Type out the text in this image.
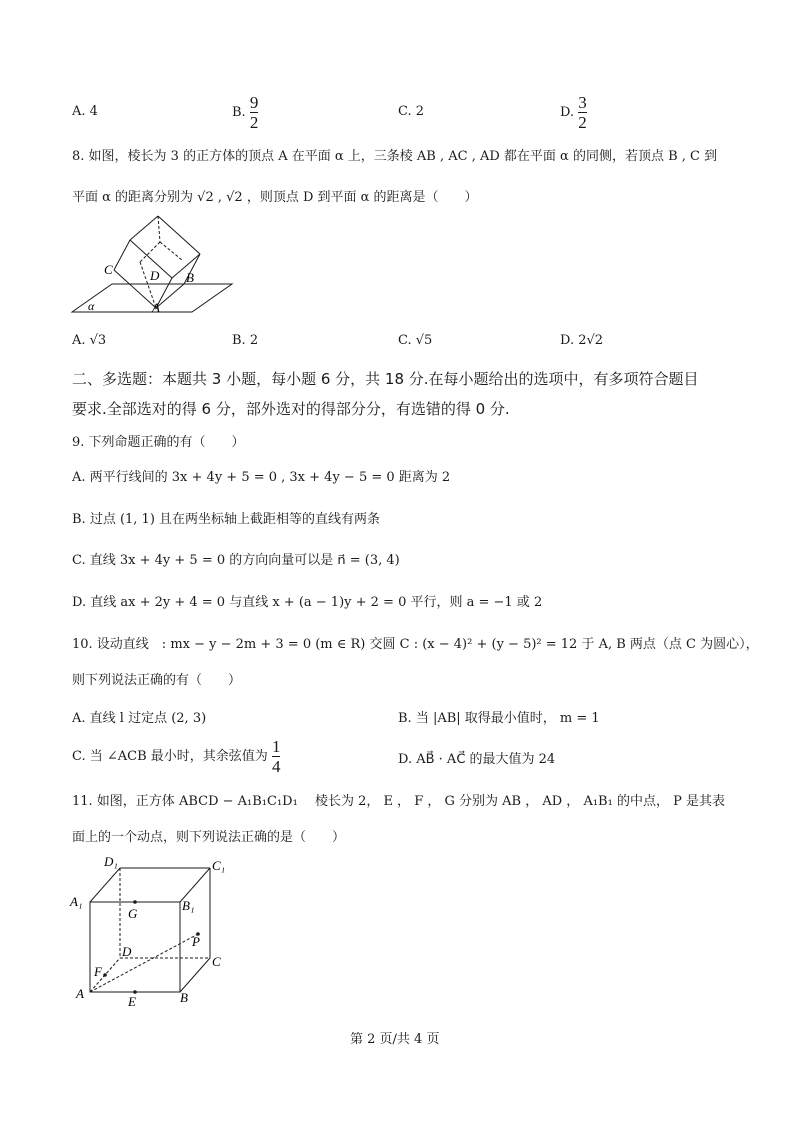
A. 4	B. $\frac{9}{2}$	C. 2	D. $\frac{3}{2}$
8. 如图，棱长为 3 的正方体的顶点 A 在平面 α 上，三条棱 AB , AC , AD 都在平面 α 的同侧，若顶点 B , C 到
平面 α 的距离分别为 √2 , √2 ，则顶点 D 到平面 α 的距离是（　　）
C	D B
A
α
A. √3	B. 2	C. √5	D. 2√2
二、多选题：本题共 3 小题，每小题 6 分，共 18 分.在每小题给出的选项中，有多项符合题目
要求.全部选对的得 6 分，部外选对的得部分分，有选错的得 0 分.
9. 下列命题正确的有（　　）
A. 两平行线间的 3x + 4y + 5 = 0 , 3x + 4y − 5 = 0 距离为 2
B. 过点 (1, 1) 且在两坐标轴上截距相等的直线有两条
C. 直线 3x + 4y + 5 = 0 的方向向量可以是 n⃗ = (3, 4)
D. 直线 ax + 2y + 4 = 0 与直线 x + (a − 1)y + 2 = 0 平行，则 a = −1 或 2
10. 设动直线　: mx − y − 2m + 3 = 0 (m ∈ R) 交圆 C : (x − 4)² + (y − 5)² = 12 于 A, B 两点（点 C 为圆心），
则下列说法正确的有（　　）
A. 直线 l 过定点 (2, 3)	B. 当 |AB| 取得最小值时， m = 1
C. 当 ∠ACB 最小时，其余弦值为 $\frac{1}{4}$	D. AB⃗ · AC⃗ 的最大值为 24
11. 如图，正方体 ABCD − A₁B₁C₁D₁ 　棱长为 2， E ， F ， G 分别为 AB ， AD ， A₁B₁ 的中点， P 是其表
面上的一个动点，则下列说法正确的是（　　）
D₁	C₁
A₁	B₁
G
P
D
C
F
A
E	B
第 2 页/共 4 页
